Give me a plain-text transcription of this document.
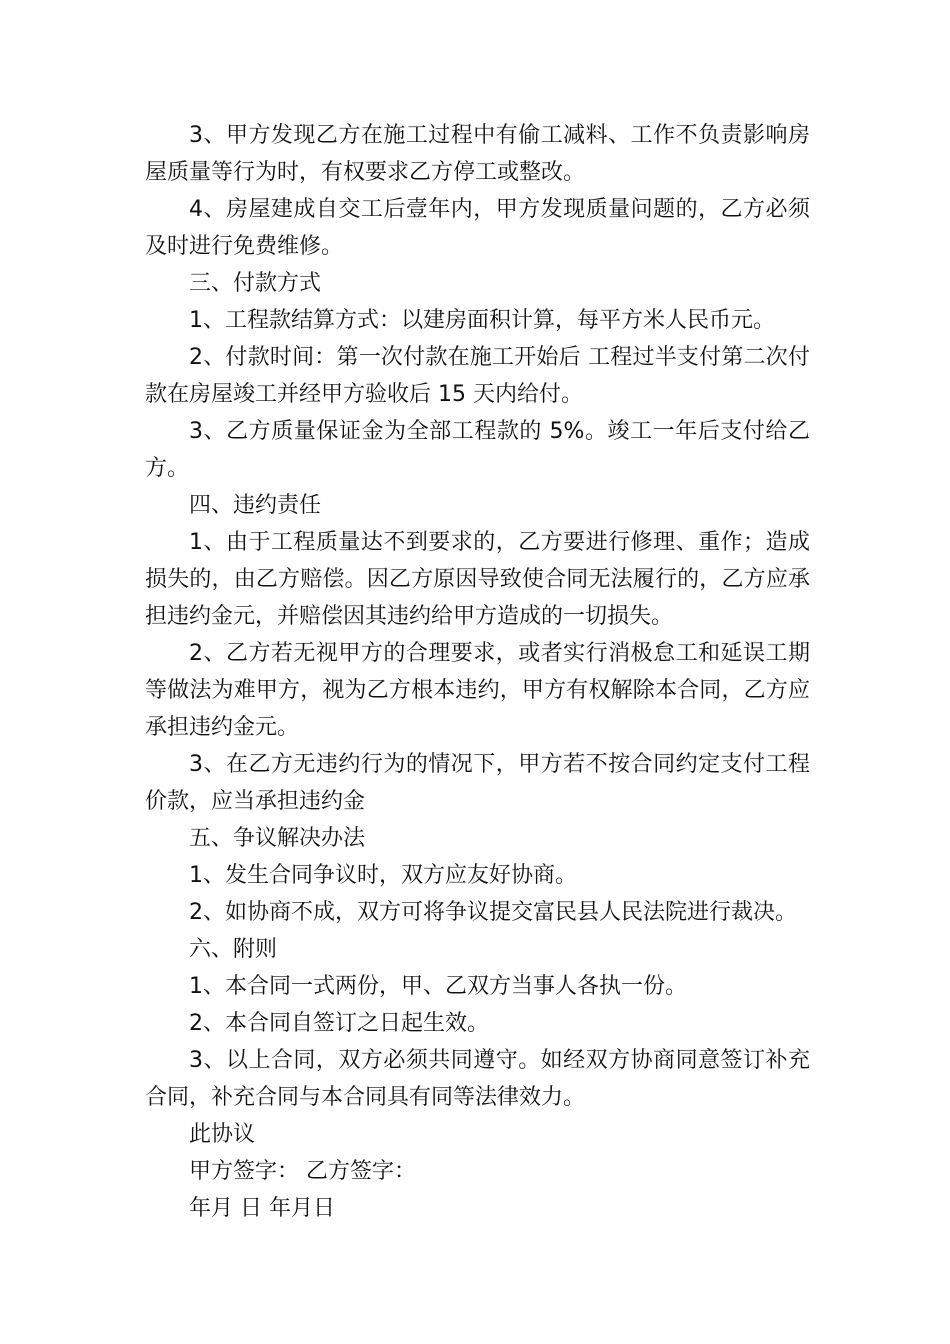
3、甲方发现乙方在施工过程中有偷工减料、工作不负责影响房屋质量等行为时，有权要求乙方停工或整改。

4、房屋建成自交工后壹年内，甲方发现质量问题的，乙方必须及时进行免费维修。

三、付款方式

1、工程款结算方式：以建房面积计算，每平方米人民币元。

2、付款时间：第一次付款在施工开始后 工程过半支付第二次付款在房屋竣工并经甲方验收后 15 天内给付。

3、乙方质量保证金为全部工程款的 5%。竣工一年后支付给乙方。

四、违约责任

1、由于工程质量达不到要求的，乙方要进行修理、重作；造成损失的，由乙方赔偿。因乙方原因导致使合同无法履行的，乙方应承担违约金元，并赔偿因其违约给甲方造成的一切损失。

2、乙方若无视甲方的合理要求，或者实行消极怠工和延误工期等做法为难甲方，视为乙方根本违约，甲方有权解除本合同，乙方应承担违约金元。

3、在乙方无违约行为的情况下，甲方若不按合同约定支付工程价款，应当承担违约金

五、争议解决办法

1、发生合同争议时，双方应友好协商。

2、如协商不成，双方可将争议提交富民县人民法院进行裁决。

六、附则

1、本合同一式两份，甲、乙双方当事人各执一份。

2、本合同自签订之日起生效。

3、以上合同，双方必须共同遵守。如经双方协商同意签订补充合同，补充合同与本合同具有同等法律效力。

此协议

甲方签字： 乙方签字：

年月 日 年月日
